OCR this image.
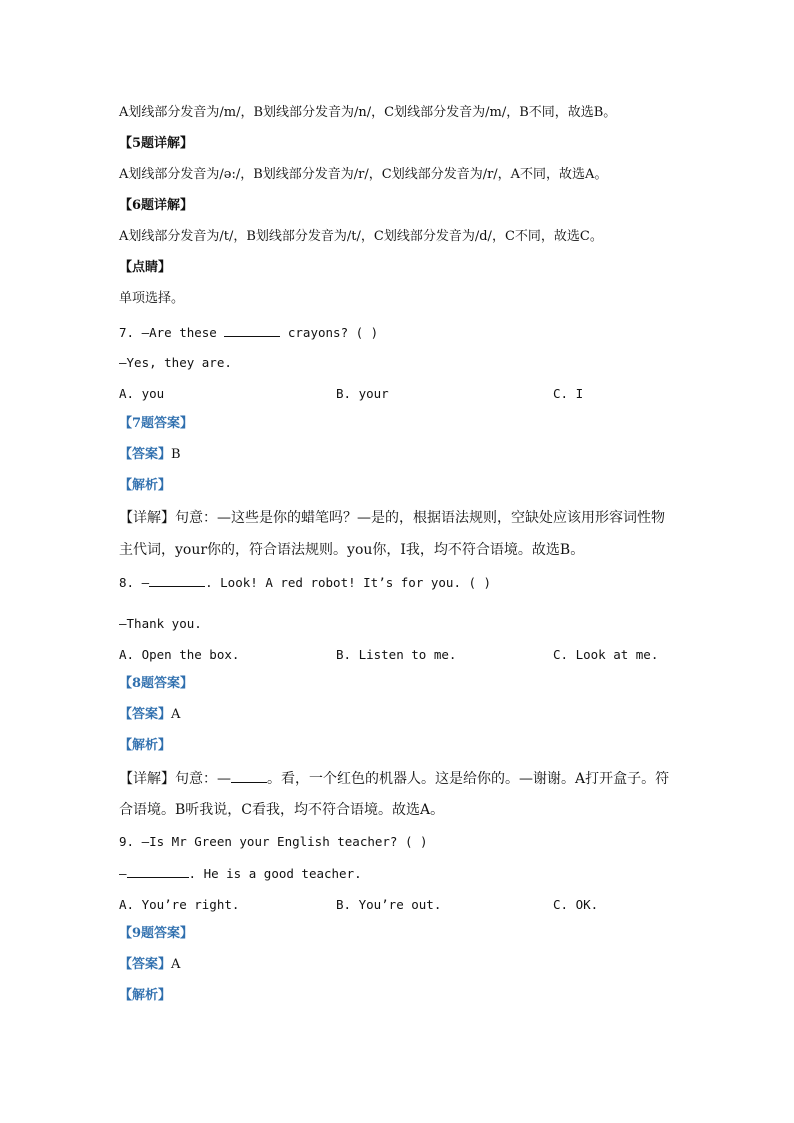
A划线部分发音为/m/，B划线部分发音为/n/，C划线部分发音为/m/，B不同，故选B。
【5题详解】
A划线部分发音为/ə:/，B划线部分发音为/r/，C划线部分发音为/r/，A不同，故选A。
【6题详解】
A划线部分发音为/t/，B划线部分发音为/t/，C划线部分发音为/d/，C不同，故选C。
【点睛】
单项选择。
7. —Are these	crayons? ( )
—Yes, they are.
A. you	B. your	C. I
【7题答案】
【答案】B
【解析】
【详解】句意：—这些是你的蜡笔吗？—是的，根据语法规则，空缺处应该用形容词性物
主代词，your你的，符合语法规则。you你，I我，均不符合语境。故选B。
8. —	. Look! A red robot! It’s for you. ( )
—Thank you.
A. Open the box.	B. Listen to me.	C. Look at me.
【8题答案】
【答案】A
【解析】
【详解】句意：—	。看，一个红色的机器人。这是给你的。—谢谢。A打开盒子。符
合语境。B听我说，C看我，均不符合语境。故选A。
9. —Is Mr Green your English teacher? ( )
—	. He is a good teacher.
A. You’re right.	B. You’re out.	C. OK.
【9题答案】
【答案】A
【解析】
